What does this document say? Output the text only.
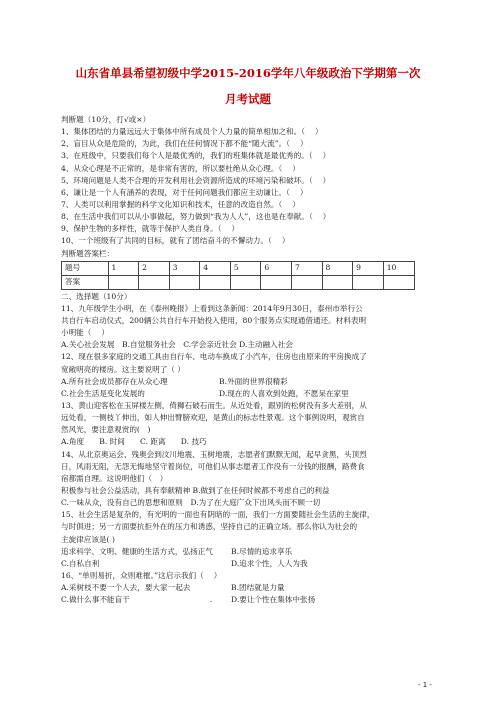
山东省单县希望初级中学2015-2016学年八年级政治下学期第一次
月考试题
判断题（10分，打√或×）
1、集体团结的力量远远大于集体中所有成员个人力量的简单相加之和。（　 ）
2、盲目从众是危险的，为此，我们在任何情况下都不能“随大流”。（　 ）
3、在班级中，只要我们每个人是最优秀的，我们的班集体就是最优秀的。（　 ）
4、从众心理是不正常的，是非常有害的，所以要杜绝从众心理。（　 ）
5、环境问题是人类不合理的开发利用社会资源所造成的环境污染和破坏。（　 ）
6、谦让是一个人有涵养的表现，对于任何问题我们都应主动谦让。（　 ）
7、人类可以利用掌握的科学文化知识和技术，任意的改造自然。（　 ）
8、在生活中我们可以从小事做起，努力做到“我为人人”，这也是在奉献。（　 ）
9、保护生物的多样性，就等于保护人类自身。（　 ）
10、一个班级有了共同的目标，就有了团结奋斗的不懈动力。（　 ）
判断题答案栏：
题号	1	2	3	4	5	6	7	8	9	10
答案										
二、选择题（10分）
11、九年级学生小明，在《泰州晚报》上看到这条新闻：2014年9月30日，泰州市举行公
共自行车启动仪式，200辆公共自行车开始投入使用，80个服务点实现通借通还。材料表明
小明能（　 ）
A.关心社会发展　B.自觉服务社会　C.学会亲近社会 D.主动融入社会
12、现在很多家庭的交通工具由自行车、电动车换成了小汽车，住房也由原来的平房换成了
宽敞明亮的楼房。这主要说明了（ ）
A.所有社会成员都存在从众心理	B.外面的世界很精彩
C.社会生活是变化发展的	D.现在的人喜欢到处跑，不愿呆在家里
13、黄山迎客松在玉屏楼左侧，倚狮石破石而生。从近处看，跟别的松树没有多大差别，从
远处看，一侧枝丫伸出，如人伸出臂膀欢迎，是黄山的标志性景观。这个事例说明，观赏自
然风光，要注意观赏的(　)
A.角度　　B. 时间　　C. 距离　　D. 技巧
14、从北京奥运会、残奥会到汶川地震、玉树地震，志愿者们默默无闻，起早贪黑，头顶烈
日，风雨无阻，无怨无悔地坚守着岗位，可他们从事志愿者工作没有一分钱的报酬，路费食
宿都需自理。这说明他们（　）
积极参与社会公益活动，具有奉献精神 B.做到了在任何时候都不考虑自己的利益
C.一味从众，没有自己的思想和原则　D.为了在大庭广众下出风头而不顾一切
15、社会生活是复杂的，有光明的一面也有阴暗的一面，我们一方面要随社会生活的主旋律，
与时俱进；另一方面要抗拒外在的压力和诱惑，坚持自己的正确立场。那么你认为社会的
主旋律应该是( )
追求科学、文明、健康的生活方式，弘扬正气	B.尽情的追求享乐
C.自私自利	D.追求个性，人人为我
16、“单则易折，众则难摧。”这启示我们（　 ）
A.采树枝不要一个人去，要大家一起去	B.团结就是力量
C.做什么事不能盲干	.	D.要让个性在集体中张扬
- 1 -
